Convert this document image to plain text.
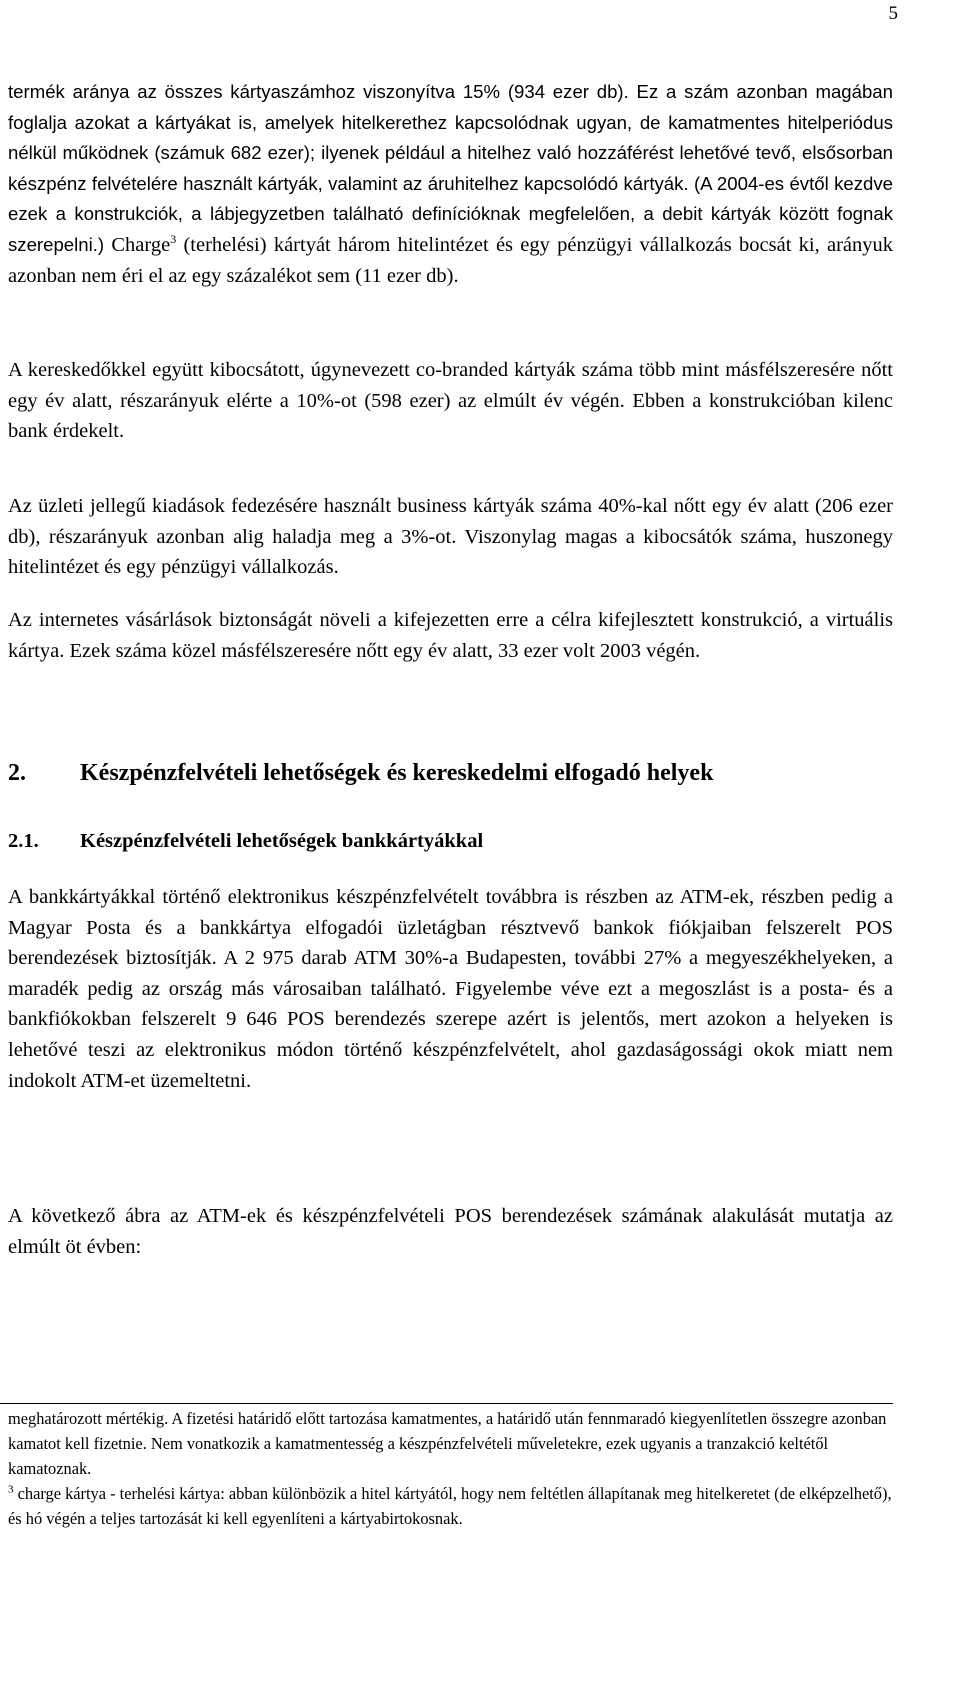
5
termék aránya az összes kártyaszámhoz viszonyítva 15% (934 ezer db). Ez a szám azonban magában foglalja azokat a kártyákat is, amelyek hitelkerethez kapcsolódnak ugyan, de kamatmentes hitelperiódus nélkül működnek (számuk 682 ezer); ilyenek például a hitelhez való hozzáférést lehetővé tevő, elsősorban készpénz felvételére használt kártyák, valamint az áruhitelhez kapcsolódó kártyák. (A 2004-es évtől kezdve ezek a konstrukciók, a lábjegyzetben található definícióknak megfelelően, a debit kártyák között fognak szerepelni.) Charge$^3$ (terhelési) kártyát három hitelintézet és egy pénzügyi vállalkozás bocsát ki, arányuk azonban nem éri el az egy százalékot sem (11 ezer db).
A kereskedőkkel együtt kibocsátott, úgynevezett co-branded kártyák száma több mint másfélszeresére nőtt egy év alatt, részarányuk elérte a 10%-ot (598 ezer) az elmúlt év végén. Ebben a konstrukcióban kilenc bank érdekelt.
Az üzleti jellegű kiadások fedezésére használt business kártyák száma 40%-kal nőtt egy év alatt (206 ezer db), részarányuk azonban alig haladja meg a 3%-ot. Viszonylag magas a kibocsátók száma, huszonegy hitelintézet és egy pénzügyi vállalkozás.
Az internetes vásárlások biztonságát növeli a kifejezetten erre a célra kifejlesztett konstrukció, a virtuális kártya. Ezek száma közel másfélszeresére nőtt egy év alatt, 33 ezer volt 2003 végén.
2. Készpénzfelvételi lehetőségek és kereskedelmi elfogadó helyek
2.1. Készpénzfelvételi lehetőségek bankkártyákkal
A bankkártyákkal történő elektronikus készpénzfelvételt továbbra is részben az ATM-ek, részben pedig a Magyar Posta és a bankkártya elfogadói üzletágban résztvevő bankok fiókjaiban felszerelt POS berendezések biztosítják. A 2 975 darab ATM 30%-a Budapesten, további 27% a megyeszékhelyeken, a maradék pedig az ország más városaiban található. Figyelembe véve ezt a megoszlást is a posta- és a bankfiókokban felszerelt 9 646 POS berendezés szerepe azért is jelentős, mert azokon a helyeken is lehetővé teszi az elektronikus módon történő készpénzfelvételt, ahol gazdaságossági okok miatt nem indokolt ATM-et üzemeltetni.
A következő ábra az ATM-ek és készpénzfelvételi POS berendezések számának alakulását mutatja az elmúlt öt évben:

meghatározott mértékig. A fizetési határidő előtt tartozása kamatmentes, a határidő után fennmaradó kiegyenlítetlen összegre azonban kamatot kell fizetnie. Nem vonatkozik a kamatmentesség a készpénzfelvételi műveletekre, ezek ugyanis a tranzakció keltétől kamatoznak.

$^3$ charge kártya - terhelési kártya: abban különbözik a hitel kártyától, hogy nem feltétlen állapítanak meg hitelkeretet (de elképzelhető), és hó végén a teljes tartozását ki kell egyenlíteni a kártyabirtokosnak.
